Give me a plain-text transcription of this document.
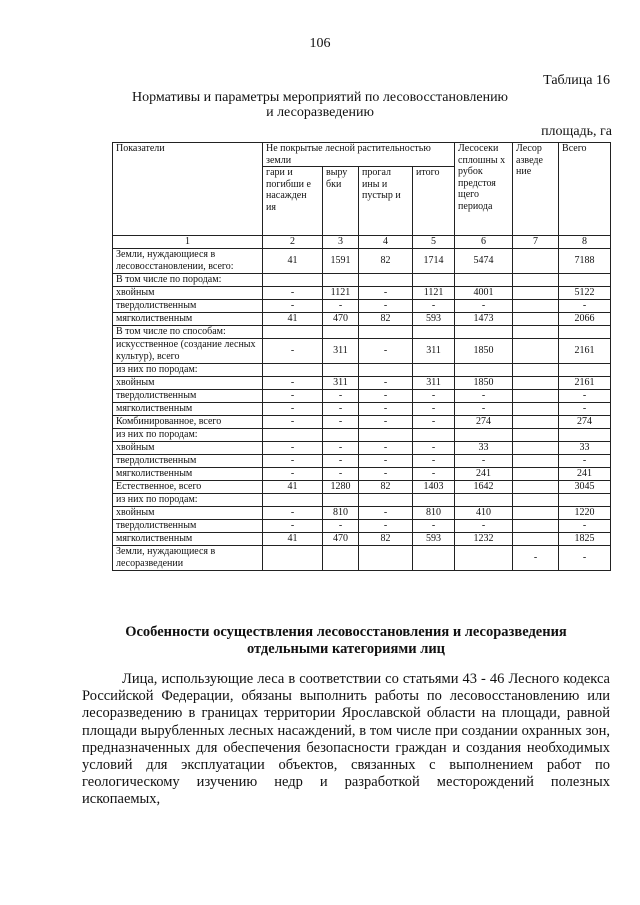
106
Таблица 16
Нормативы и параметры мероприятий по лесовосстановлению
и лесоразведению
площадь, га
Показатели	Не покрытые лесной растительностью земли				Лесосеки сплошны х рубок предстоя щего периода	Лесор азведе ние	Всего
	гари и погибши е насажден ия	выру бки	прогал ины и пустыр и	итого			
1	2	3	4	5	6	7	8
Земли, нуждающиеся в лесовосстановлении, всего:	41	1591	82	1714	5474		7188
В том числе по породам:							
хвойным	-	1121	-	1121	4001		5122
твердолиственным	-	-	-	-	-		-
мягколиственным	41	470	82	593	1473		2066
В том числе по способам:							
искусственное (создание лесных культур), всего	-	311	-	311	1850		2161
из них по породам:							
хвойным	-	311	-	311	1850		2161
твердолиственным	-	-	-	-	-		-
мягколиственным	-	-	-	-	-		-
Комбинированное, всего	-	-	-	-	274		274
из них по породам:							
хвойным	-	-	-	-	33		33
твердолиственным	-	-	-	-	-		-
мягколиственным	-	-	-	-	241		241
Естественное, всего	41	1280	82	1403	1642		3045
из них по породам:							
хвойным	-	810	-	810	410		1220
твердолиственным	-	-	-	-	-		-
мягколиственным	41	470	82	593	1232		1825
Земли, нуждающиеся в лесоразведении						-	-
Особенности осуществления лесовосстановления и лесоразведения
отдельными категориями лиц

Лица, использующие леса в соответствии со статьями 43 - 46 Лесного кодекса Российской Федерации, обязаны выполнить работы по лесовосстановлению или лесоразведению в границах территории Ярославской области на площади, равной площади вырубленных лесных насаждений, в том числе при создании охранных зон, предназначенных для обеспечения безопасности граждан и создания необходимых условий для эксплуатации объектов, связанных с выполнением работ по геологическому изучению недр и разработкой месторождений полезных ископаемых,
